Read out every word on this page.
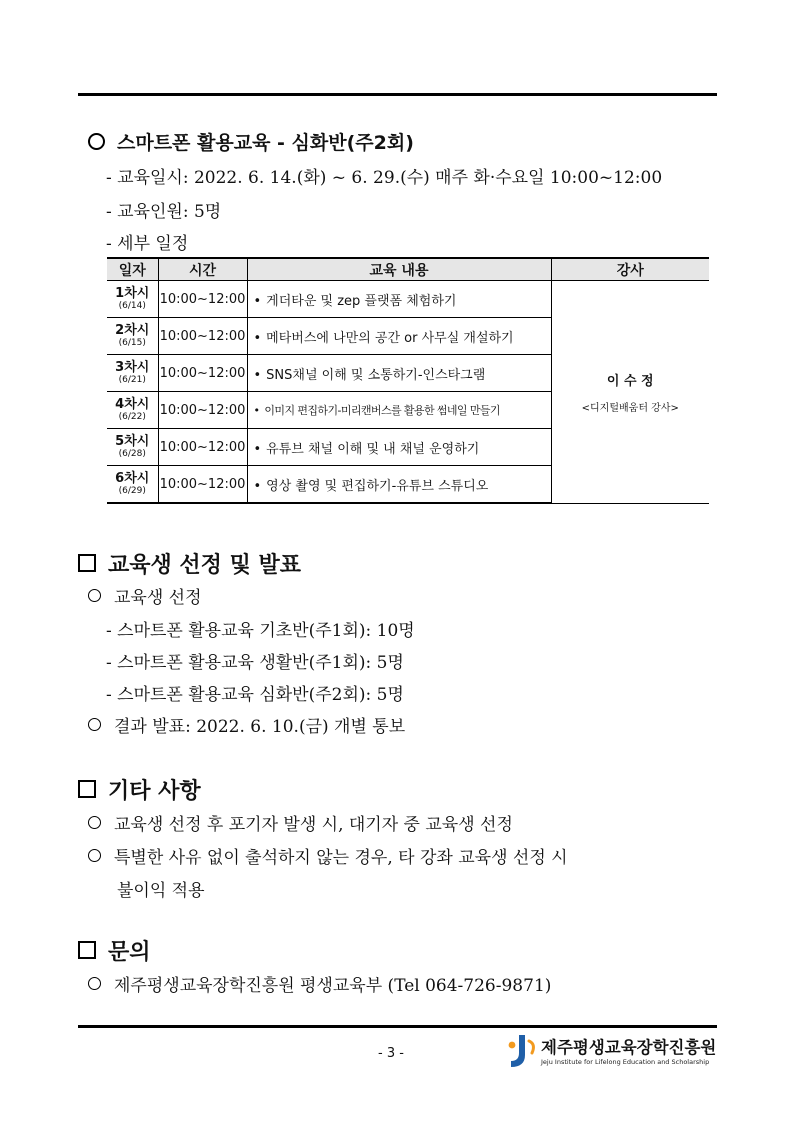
스마트폰 활용교육 - 심화반(주2회)
- 교육일시: 2022. 6. 14.(화) ~ 6. 29.(수) 매주 화·수요일 10:00~12:00
- 교육인원: 5명
- 세부 일정
일자	시간	교육 내용	강사

1차시
(6/14)	10:00~12:00	• 게더타운 및 zep 플랫폼 체험하기	이 수 정
<디지털배움터 강사>

2차시
(6/15)	10:00~12:00	• 메타버스에 나만의 공간 or 사무실 개설하기	

3차시
(6/21)	10:00~12:00	• SNS채널 이해 및 소통하기-인스타그램	

4차시
(6/22)	10:00~12:00	• 이미지 편집하기-미리캔버스를 활용한 썸네일 만들기	

5차시
(6/28)	10:00~12:00	• 유튜브 채널 이해 및 내 채널 운영하기	

6차시
(6/29)	10:00~12:00	• 영상 촬영 및 편집하기-유튜브 스튜디오	
교육생 선정 및 발표
교육생 선정
- 스마트폰 활용교육 기초반(주1회): 10명
- 스마트폰 활용교육 생활반(주1회): 5명
- 스마트폰 활용교육 심화반(주2회): 5명
결과 발표: 2022. 6. 10.(금) 개별 통보
기타 사항
교육생 선정 후 포기자 발생 시, 대기자 중 교육생 선정
특별한 사유 없이 출석하지 않는 경우, 타 강좌 교육생 선정 시
불이익 적용
문의
제주평생교육장학진흥원 평생교육부 (Tel 064-726-9871)
- 3 -	제주평생교육장학진흥원
Jeju Institute for Lifelong Education and Scholarship
